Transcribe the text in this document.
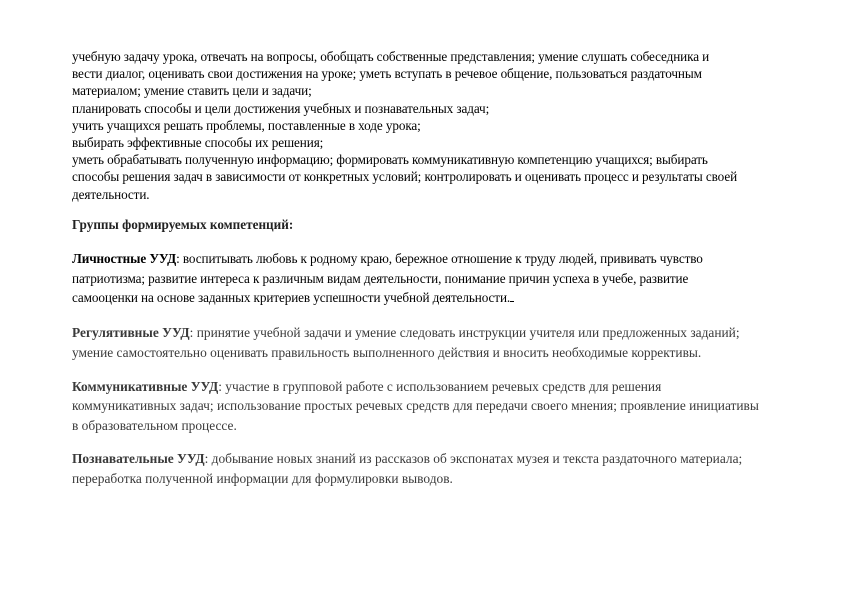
учебную задачу урока, отвечать на вопросы, обобщать собственные представления; умение слушать собеседника и
вести диалог, оценивать свои достижения на уроке; уметь вступать в речевое общение, пользоваться раздаточным
материалом; умение ставить цели и задачи;
планировать способы и цели достижения учебных и познавательных задач;
учить учащихся решать проблемы, поставленные в ходе урока;
выбирать эффективные способы их решения;
уметь обрабатывать полученную информацию; формировать коммуникативную компетенцию учащихся; выбирать
способы решения задач в зависимости от конкретных условий; контролировать и оценивать процесс и результаты своей
деятельности.
Группы формируемых компетенций:
Личностные УУД: воспитывать любовь к родному краю, бережное отношение к труду людей, прививать чувство
патриотизма; развитие интереса к различным видам деятельности, понимание причин успеха в учебе, развитие
самооценки на основе заданных критериев успешности учебной деятельности.
Регулятивные УУД: принятие учебной задачи и умение следовать инструкции учителя или предложенных заданий;
умение самостоятельно оценивать правильность выполненного действия и вносить необходимые коррективы.
Коммуникативные УУД: участие в групповой работе с использованием речевых средств для решения
коммуникативных задач; использование простых речевых средств для передачи своего мнения; проявление инициативы
в образовательном процессе.
Познавательные УУД: добывание новых знаний из рассказов об экспонатах музея и текста раздаточного материала;
переработка полученной информации для формулировки выводов.
